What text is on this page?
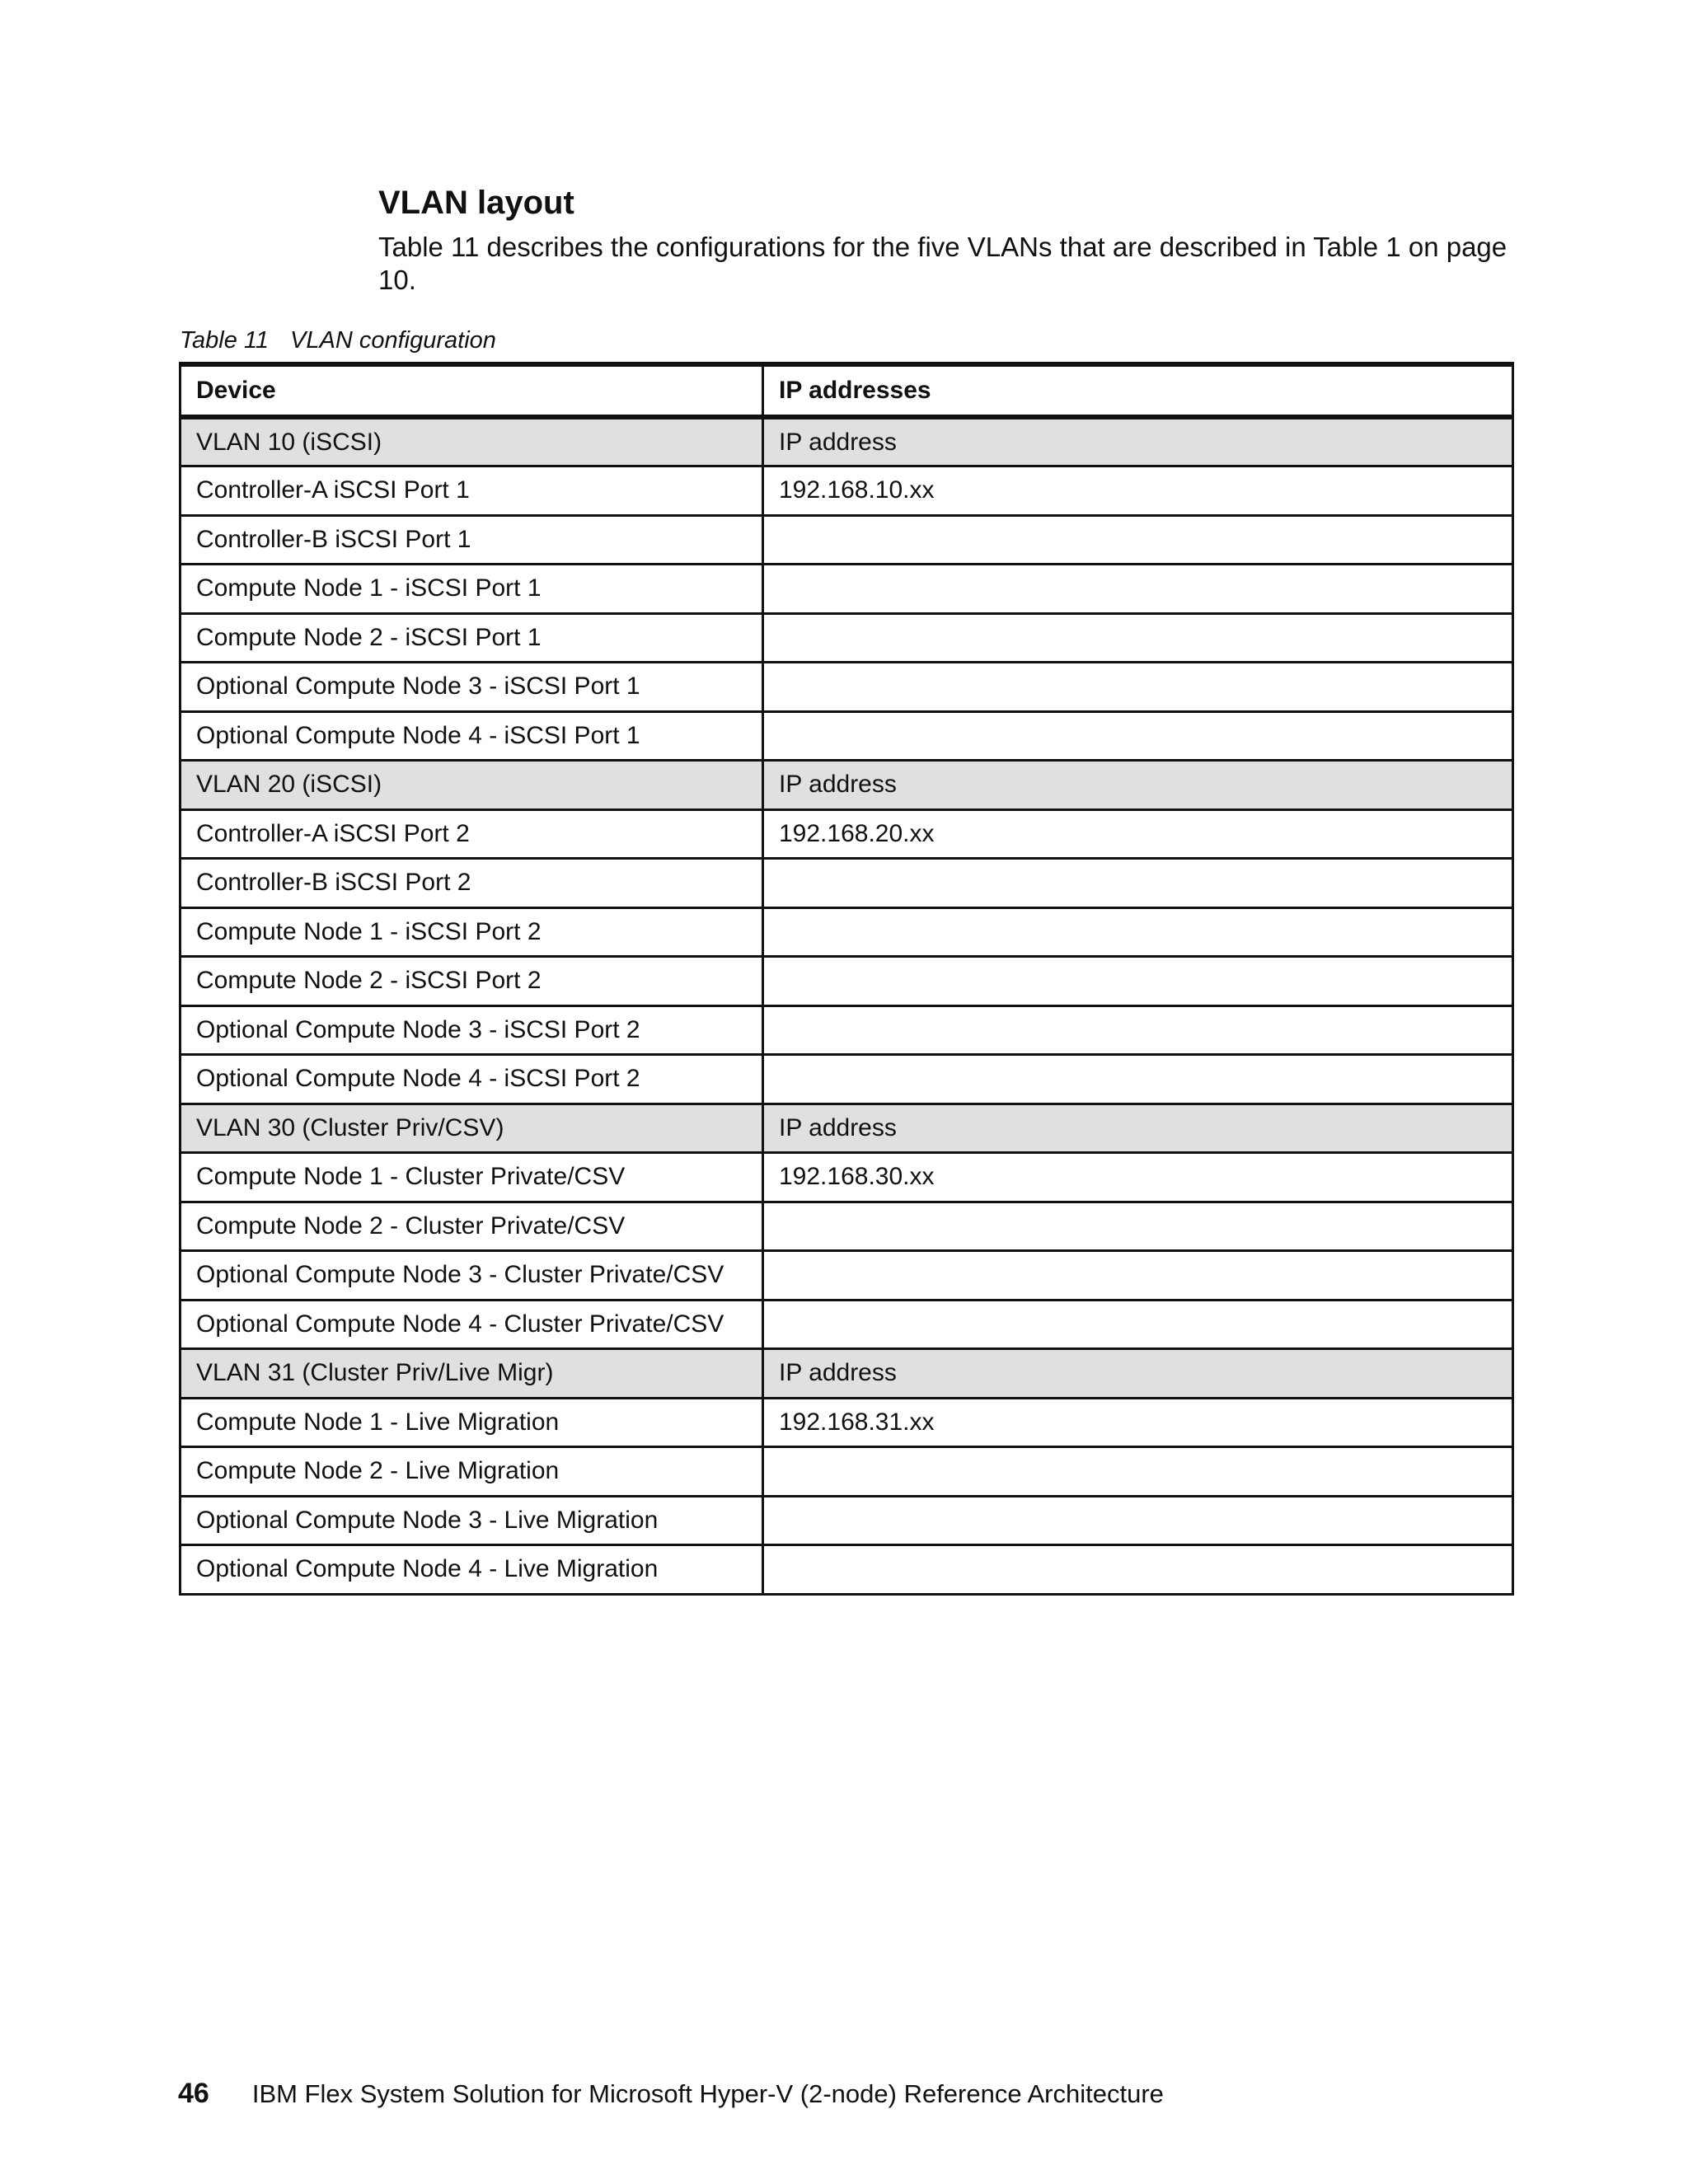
VLAN layout

Table 11 describes the configurations for the five VLANs that are described in Table 1 on page 10.

Table 11 VLAN configuration

Device	IP addresses
VLAN 10 (iSCSI)	IP address
Controller-A iSCSI Port 1	192.168.10.xx
Controller-B iSCSI Port 1	
Compute Node 1 - iSCSI Port 1	
Compute Node 2 - iSCSI Port 1	
Optional Compute Node 3 - iSCSI Port 1	
Optional Compute Node 4 - iSCSI Port 1	
VLAN 20 (iSCSI)	IP address
Controller-A iSCSI Port 2	192.168.20.xx
Controller-B iSCSI Port 2	
Compute Node 1 - iSCSI Port 2	
Compute Node 2 - iSCSI Port 2	
Optional Compute Node 3 - iSCSI Port 2	
Optional Compute Node 4 - iSCSI Port 2	
VLAN 30 (Cluster Priv/CSV)	IP address
Compute Node 1 - Cluster Private/CSV	192.168.30.xx
Compute Node 2 - Cluster Private/CSV	
Optional Compute Node 3 - Cluster Private/CSV	
Optional Compute Node 4 - Cluster Private/CSV	
VLAN 31 (Cluster Priv/Live Migr)	IP address
Compute Node 1 - Live Migration	192.168.31.xx
Compute Node 2 - Live Migration	
Optional Compute Node 3 - Live Migration	
Optional Compute Node 4 - Live Migration	
46 IBM Flex System Solution for Microsoft Hyper-V (2-node) Reference Architecture
